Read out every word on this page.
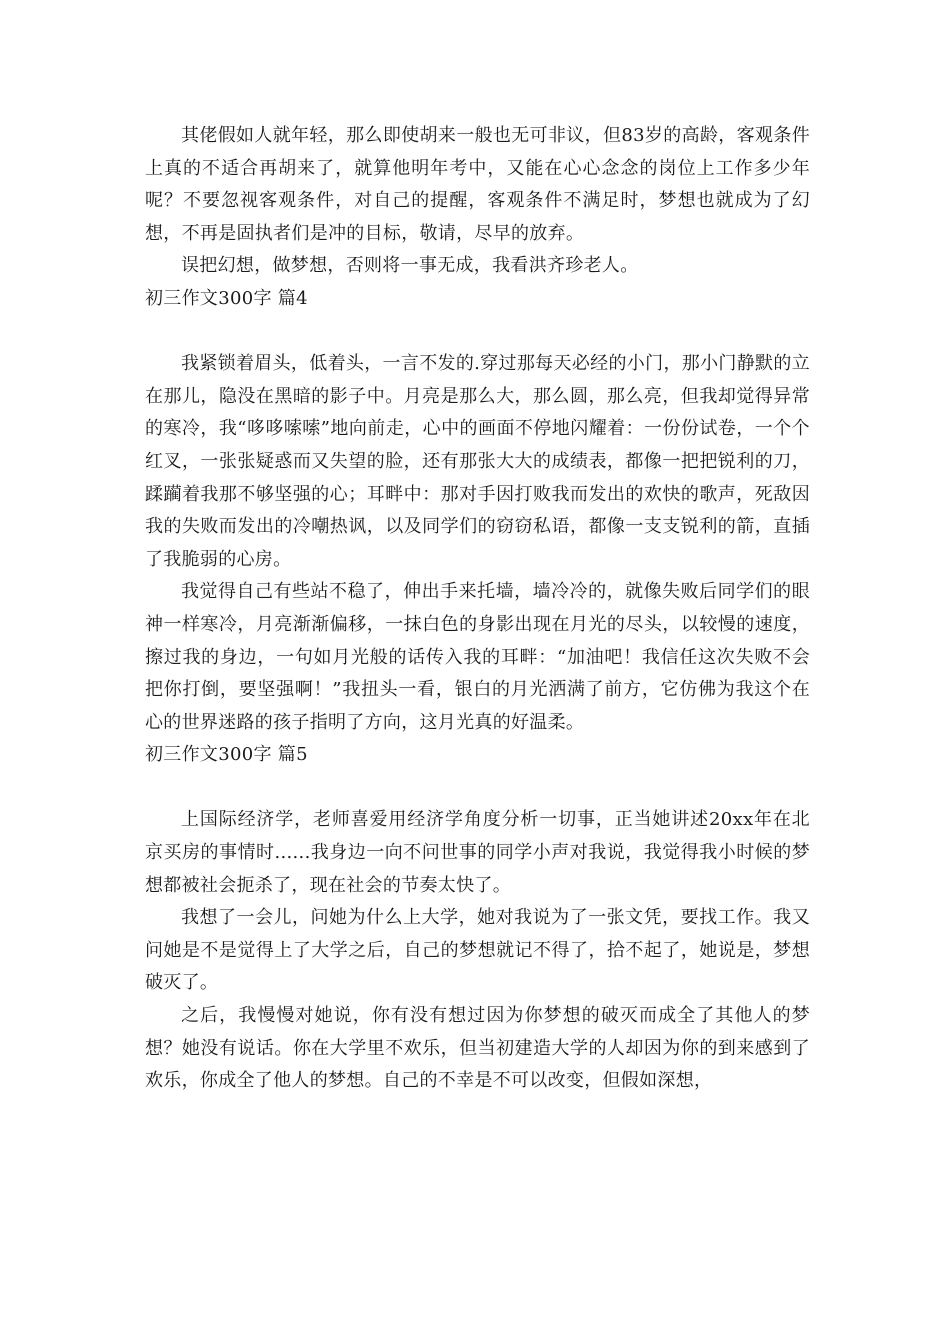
其佬假如人就年轻，那么即使胡来一般也无可非议，但83岁的高龄，客观条件上真的不适合再胡来了，就算他明年考中，又能在心心念念的岗位上工作多少年呢？不要忽视客观条件，对自己的提醒，客观条件不满足时，梦想也就成为了幻想，不再是固执者们是冲的目标，敬请，尽早的放弃。

误把幻想，做梦想，否则将一事无成，我看洪齐珍老人。

初三作文300字 篇4

我紧锁着眉头，低着头，一言不发的.穿过那每天必经的小门，那小门静默的立在那儿，隐没在黑暗的影子中。月亮是那么大，那么圆，那么亮，但我却觉得异常的寒冷，我“哆哆嗦嗦”地向前走，心中的画面不停地闪耀着：一份份试卷，一个个红叉，一张张疑惑而又失望的脸，还有那张大大的成绩表，都像一把把锐利的刀，蹂躏着我那不够坚强的心；耳畔中：那对手因打败我而发出的欢快的歌声，死敌因我的失败而发出的冷嘲热讽，以及同学们的窃窃私语，都像一支支锐利的箭，直插了我脆弱的心房。

我觉得自己有些站不稳了，伸出手来托墙，墙冷冷的，就像失败后同学们的眼神一样寒冷，月亮渐渐偏移，一抹白色的身影出现在月光的尽头，以较慢的速度，擦过我的身边，一句如月光般的话传入我的耳畔：“加油吧！我信任这次失败不会把你打倒，要坚强啊！”我扭头一看，银白的月光洒满了前方，它仿佛为我这个在心的世界迷路的孩子指明了方向，这月光真的好温柔。

初三作文300字 篇5

上国际经济学，老师喜爱用经济学角度分析一切事，正当她讲述20xx年在北京买房的事情时......我身边一向不问世事的同学小声对我说，我觉得我小时候的梦想都被社会扼杀了，现在社会的节奏太快了。

我想了一会儿，问她为什么上大学，她对我说为了一张文凭，要找工作。我又问她是不是觉得上了大学之后，自己的梦想就记不得了，拾不起了，她说是，梦想破灭了。

之后，我慢慢对她说，你有没有想过因为你梦想的破灭而成全了其他人的梦想？她没有说话。你在大学里不欢乐，但当初建造大学的人却因为你的到来感到了欢乐，你成全了他人的梦想。自己的不幸是不可以改变，但假如深想，
